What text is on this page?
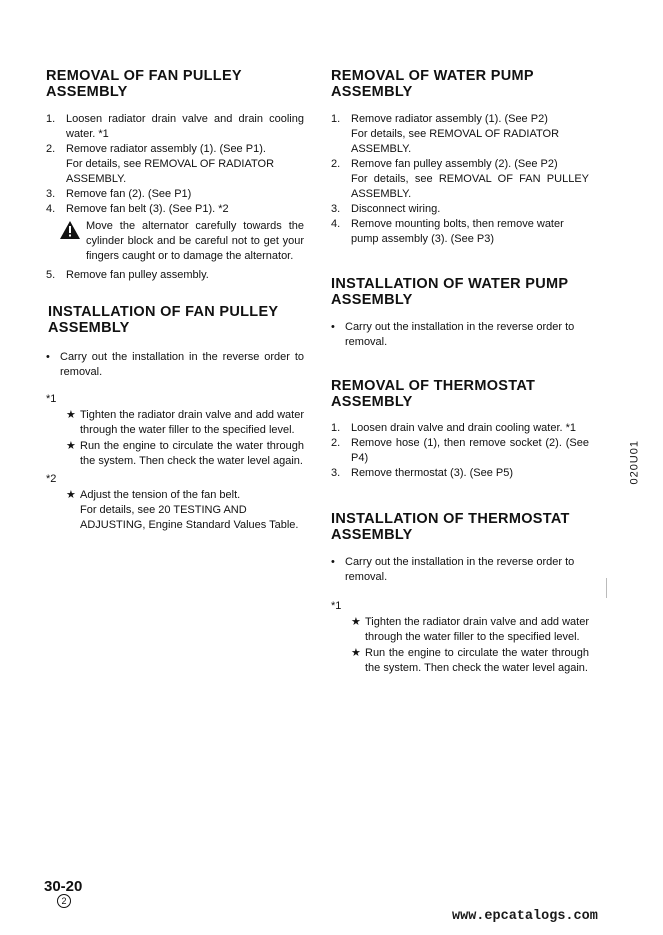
REMOVAL OF FAN PULLEY
ASSEMBLY
1. Loosen radiator drain valve and drain cooling water. *1
2. Remove radiator assembly (1). (See P1).
For details, see REMOVAL OF RADIATOR ASSEMBLY.
3. Remove fan (2). (See P1)
4. Remove fan belt (3). (See P1). *2
Move the alternator carefully towards the cylinder block and be careful not to get your fingers caught or to damage the alternator.
5. Remove fan pulley assembly.
INSTALLATION OF FAN PULLEY
ASSEMBLY
• Carry out the installation in the reverse order to removal.
*1
★ Tighten the radiator drain valve and add water through the water filler to the specified level.
★ Run the engine to circulate the water through the system. Then check the water level again.
*2
★ Adjust the tension of the fan belt.
For details, see 20 TESTING AND ADJUSTING, Engine Standard Values Table.
REMOVAL OF WATER PUMP
ASSEMBLY
1. Remove radiator assembly (1). (See P2)
For details, see REMOVAL OF RADIATOR ASSEMBLY.
2. Remove fan pulley assembly (2). (See P2)
For details, see REMOVAL OF FAN PULLEY ASSEMBLY.
3. Disconnect wiring.
4. Remove mounting bolts, then remove water pump assembly (3). (See P3)
INSTALLATION OF WATER PUMP
ASSEMBLY
• Carry out the installation in the reverse order to removal.
REMOVAL OF THERMOSTAT
ASSEMBLY
1. Loosen drain valve and drain cooling water. *1
2. Remove hose (1), then remove socket (2). (See P4)
3. Remove thermostat (3). (See P5)
INSTALLATION OF THERMOSTAT
ASSEMBLY
• Carry out the installation in the reverse order to removal.
*1
★ Tighten the radiator drain valve and add water through the water filler to the specified level.
★ Run the engine to circulate the water through the system. Then check the water level again.
020U01
30-20
2
www.epcatalogs.com
